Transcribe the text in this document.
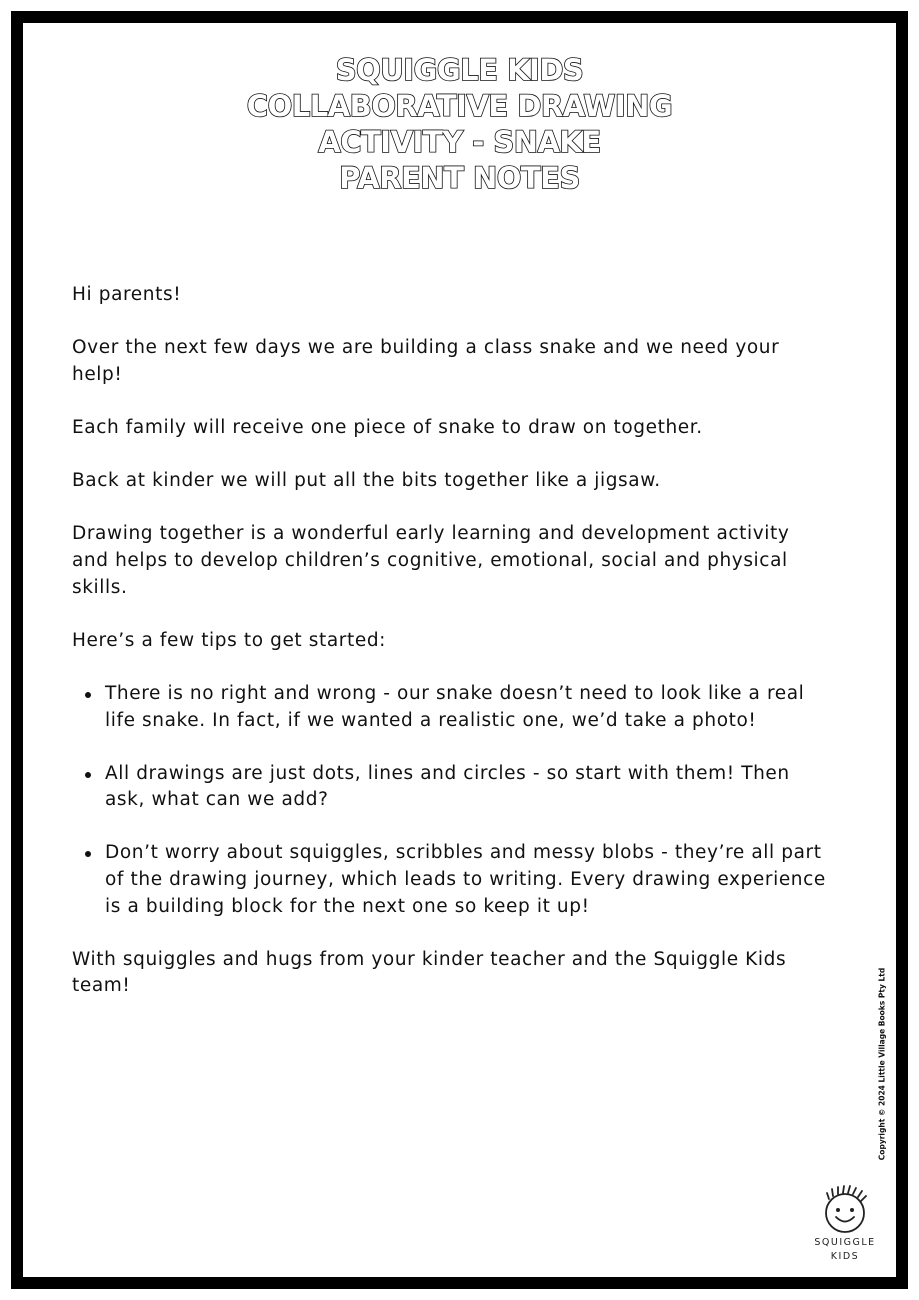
SQUIGGLE KIDS
COLLABORATIVE DRAWING
ACTIVITY - SNAKE
PARENT NOTES

Hi parents!

Over the next few days we are building a class snake and we need your help!

Each family will receive one piece of snake to draw on together.

Back at kinder we will put all the bits together like a jigsaw.

Drawing together is a wonderful early learning and development activity and helps to develop children’s cognitive, emotional, social and physical skills.

Here’s a few tips to get started:

There is no right and wrong - our snake doesn’t need to look like a real life snake. In fact, if we wanted a realistic one, we’d take a photo!
All drawings are just dots, lines and circles - so start with them! Then ask, what can we add?
Don’t worry about squiggles, scribbles and messy blobs - they’re all part of the drawing journey, which leads to writing. Every drawing experience is a building block for the next one so keep it up!

With squiggles and hugs from your kinder teacher and the Squiggle Kids team!	Copyright © 2024 Little Village Books Pty Ltd
SQUIGGLE
KIDS
